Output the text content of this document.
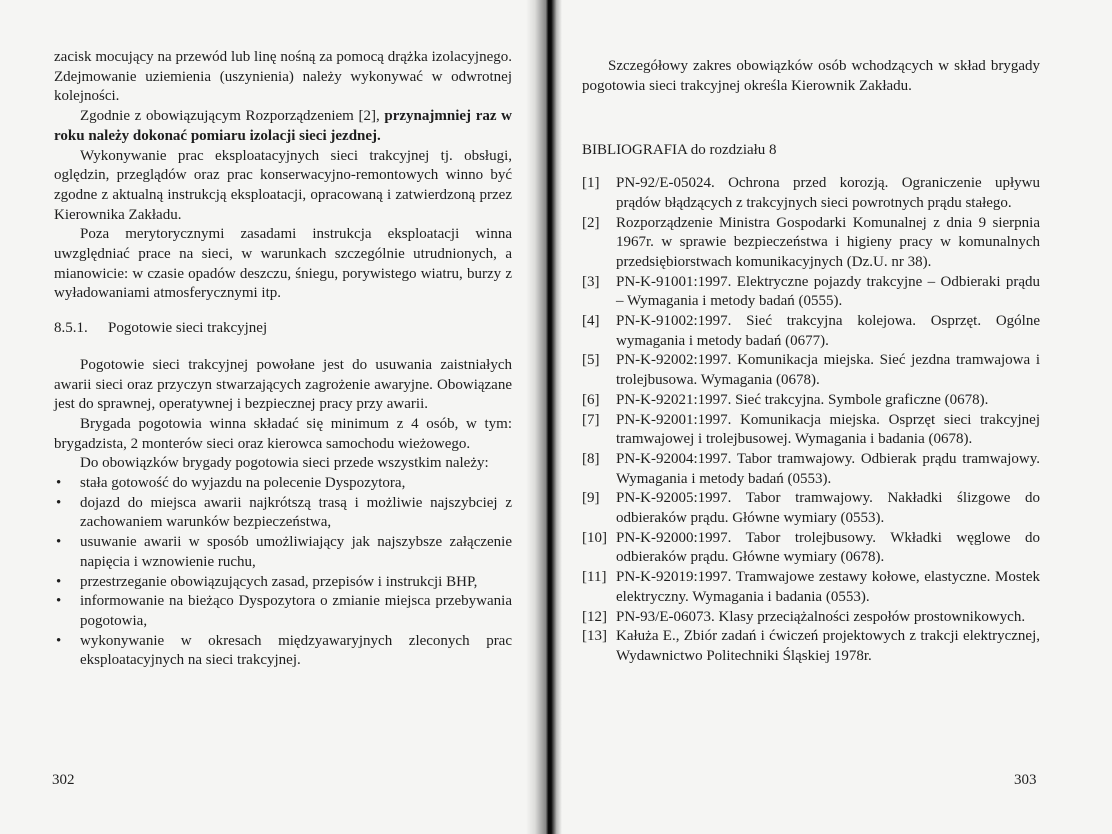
zacisk mocujący na przewód lub linę nośną za pomocą drążka izolacyjnego. Zdejmowanie uziemienia (uszynienia) należy wykonywać w odwrotnej kolejności.

Zgodnie z obowiązującym Rozporządzeniem [2], przynajmniej raz w roku należy dokonać pomiaru izolacji sieci jezdnej.

Wykonywanie prac eksploatacyjnych sieci trakcyjnej tj. obsługi, oględzin, przeglądów oraz prac konserwacyjno-remontowych winno być zgodne z aktualną instrukcją eksploatacji, opracowaną i zatwierdzoną przez Kierownika Zakładu.

Poza merytorycznymi zasadami instrukcja eksploatacji winna uwzględniać prace na sieci, w warunkach szczególnie utrudnionych, a mianowicie: w czasie opadów deszczu, śniegu, porywistego wiatru, burzy z wyładowaniami atmosferycznymi itp.

8.5.1. Pogotowie sieci trakcyjnej

Pogotowie sieci trakcyjnej powołane jest do usuwania zaistniałych awarii sieci oraz przyczyn stwarzających zagrożenie awaryjne. Obowiązane jest do sprawnej, operatywnej i bezpiecznej pracy przy awarii.

Brygada pogotowia winna składać się minimum z 4 osób, w tym: brygadzista, 2 monterów sieci oraz kierowca samochodu wieżowego.

Do obowiązków brygady pogotowia sieci przede wszystkim należy:

• stała gotowość do wyjazdu na polecenie Dyspozytora,
• dojazd do miejsca awarii najkrótszą trasą i możliwie najszybciej z zachowaniem warunków bezpieczeństwa,
• usuwanie awarii w sposób umożliwiający jak najszybsze załączenie napięcia i wznowienie ruchu,
• przestrzeganie obowiązujących zasad, przepisów i instrukcji BHP,
• informowanie na bieżąco Dyspozytora o zmianie miejsca przebywania pogotowia,
• wykonywanie w okresach międzyawaryjnych zleconych prac eksploatacyjnych na sieci trakcyjnej.
302

Szczegółowy zakres obowiązków osób wchodzących w skład brygady pogotowia sieci trakcyjnej określa Kierownik Zakładu.

BIBLIOGRAFIA do rozdziału 8

[1]	PN-92/E-05024. Ochrona przed korozją. Ograniczenie upływu prądów błądzących z trakcyjnych sieci powrotnych prądu stałego.
[2]	Rozporządzenie Ministra Gospodarki Komunalnej z dnia 9 sierpnia 1967r. w sprawie bezpieczeństwa i higieny pracy w komunalnych przedsiębiorstwach komunikacyjnych (Dz.U. nr 38).
[3]	PN-K-91001:1997. Elektryczne pojazdy trakcyjne – Odbieraki prądu – Wymagania i metody badań (0555).
[4]	PN-K-91002:1997. Sieć trakcyjna kolejowa. Osprzęt. Ogólne wymagania i metody badań (0677).
[5]	PN-K-92002:1997. Komunikacja miejska. Sieć jezdna tramwajowa i trolejbusowa. Wymagania (0678).
[6]	PN-K-92021:1997. Sieć trakcyjna. Symbole graficzne (0678).
[7]	PN-K-92001:1997. Komunikacja miejska. Osprzęt sieci trakcyjnej tramwajowej i trolejbusowej. Wymagania i badania (0678).
[8]	PN-K-92004:1997. Tabor tramwajowy. Odbierak prądu tramwajowy. Wymagania i metody badań (0553).
[9]	PN-K-92005:1997. Tabor tramwajowy. Nakładki ślizgowe do odbieraków prądu. Główne wymiary (0553).
[10] PN-K-92000:1997. Tabor trolejbusowy. Wkładki węglowe do odbieraków prądu. Główne wymiary (0678).
[11] PN-K-92019:1997. Tramwajowe zestawy kołowe, elastyczne. Mostek elektryczny. Wymagania i badania (0553).
[12] PN-93/E-06073. Klasy przeciążalności zespołów prostownikowych.
[13] Kałuża E., Zbiór zadań i ćwiczeń projektowych z trakcji elektrycznej, Wydawnictwo Politechniki Śląskiej 1978r.
303
